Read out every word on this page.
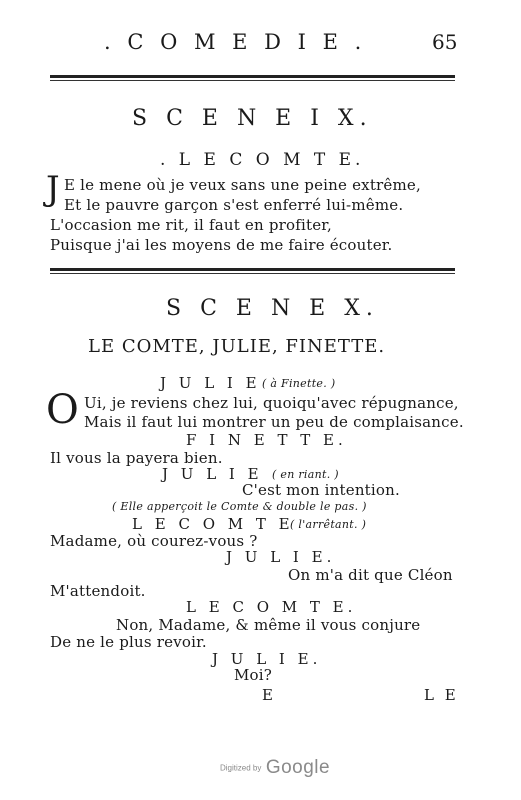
. C O M E D I E .	65
S C E N E I X.
. L E C O M T E.
J E le mene où je veux sans une peine extrême,
Et le pauvre garçon s'est enferré lui-même.
L'occasion me rit, il faut en profiter,
Puisque j'ai les moyens de me faire écouter.
S C E N E X.
LE COMTE, JULIE, FINETTE.
J U L I E ( à Finette. )
O Ui, je reviens chez lui, quoiqu'avec répugnance,
Mais il faut lui montrer un peu de complaisance.
F I N E T T E.
Il vous la payera bien.
J U L I E ( en riant. )
C'est mon intention.
( Elle apperçoit le Comte & double le pas. )
L E C O M T E
( l'arrêtant. )
Madame, où courez-vous ?
J U L I E.
On m'a dit que Cléon
M'attendoit.
L E C O M T E.
Non, Madame, & même il vous conjure
De ne le plus revoir.
J U L I E.
Moi?
E	L E
Digitized by Google
